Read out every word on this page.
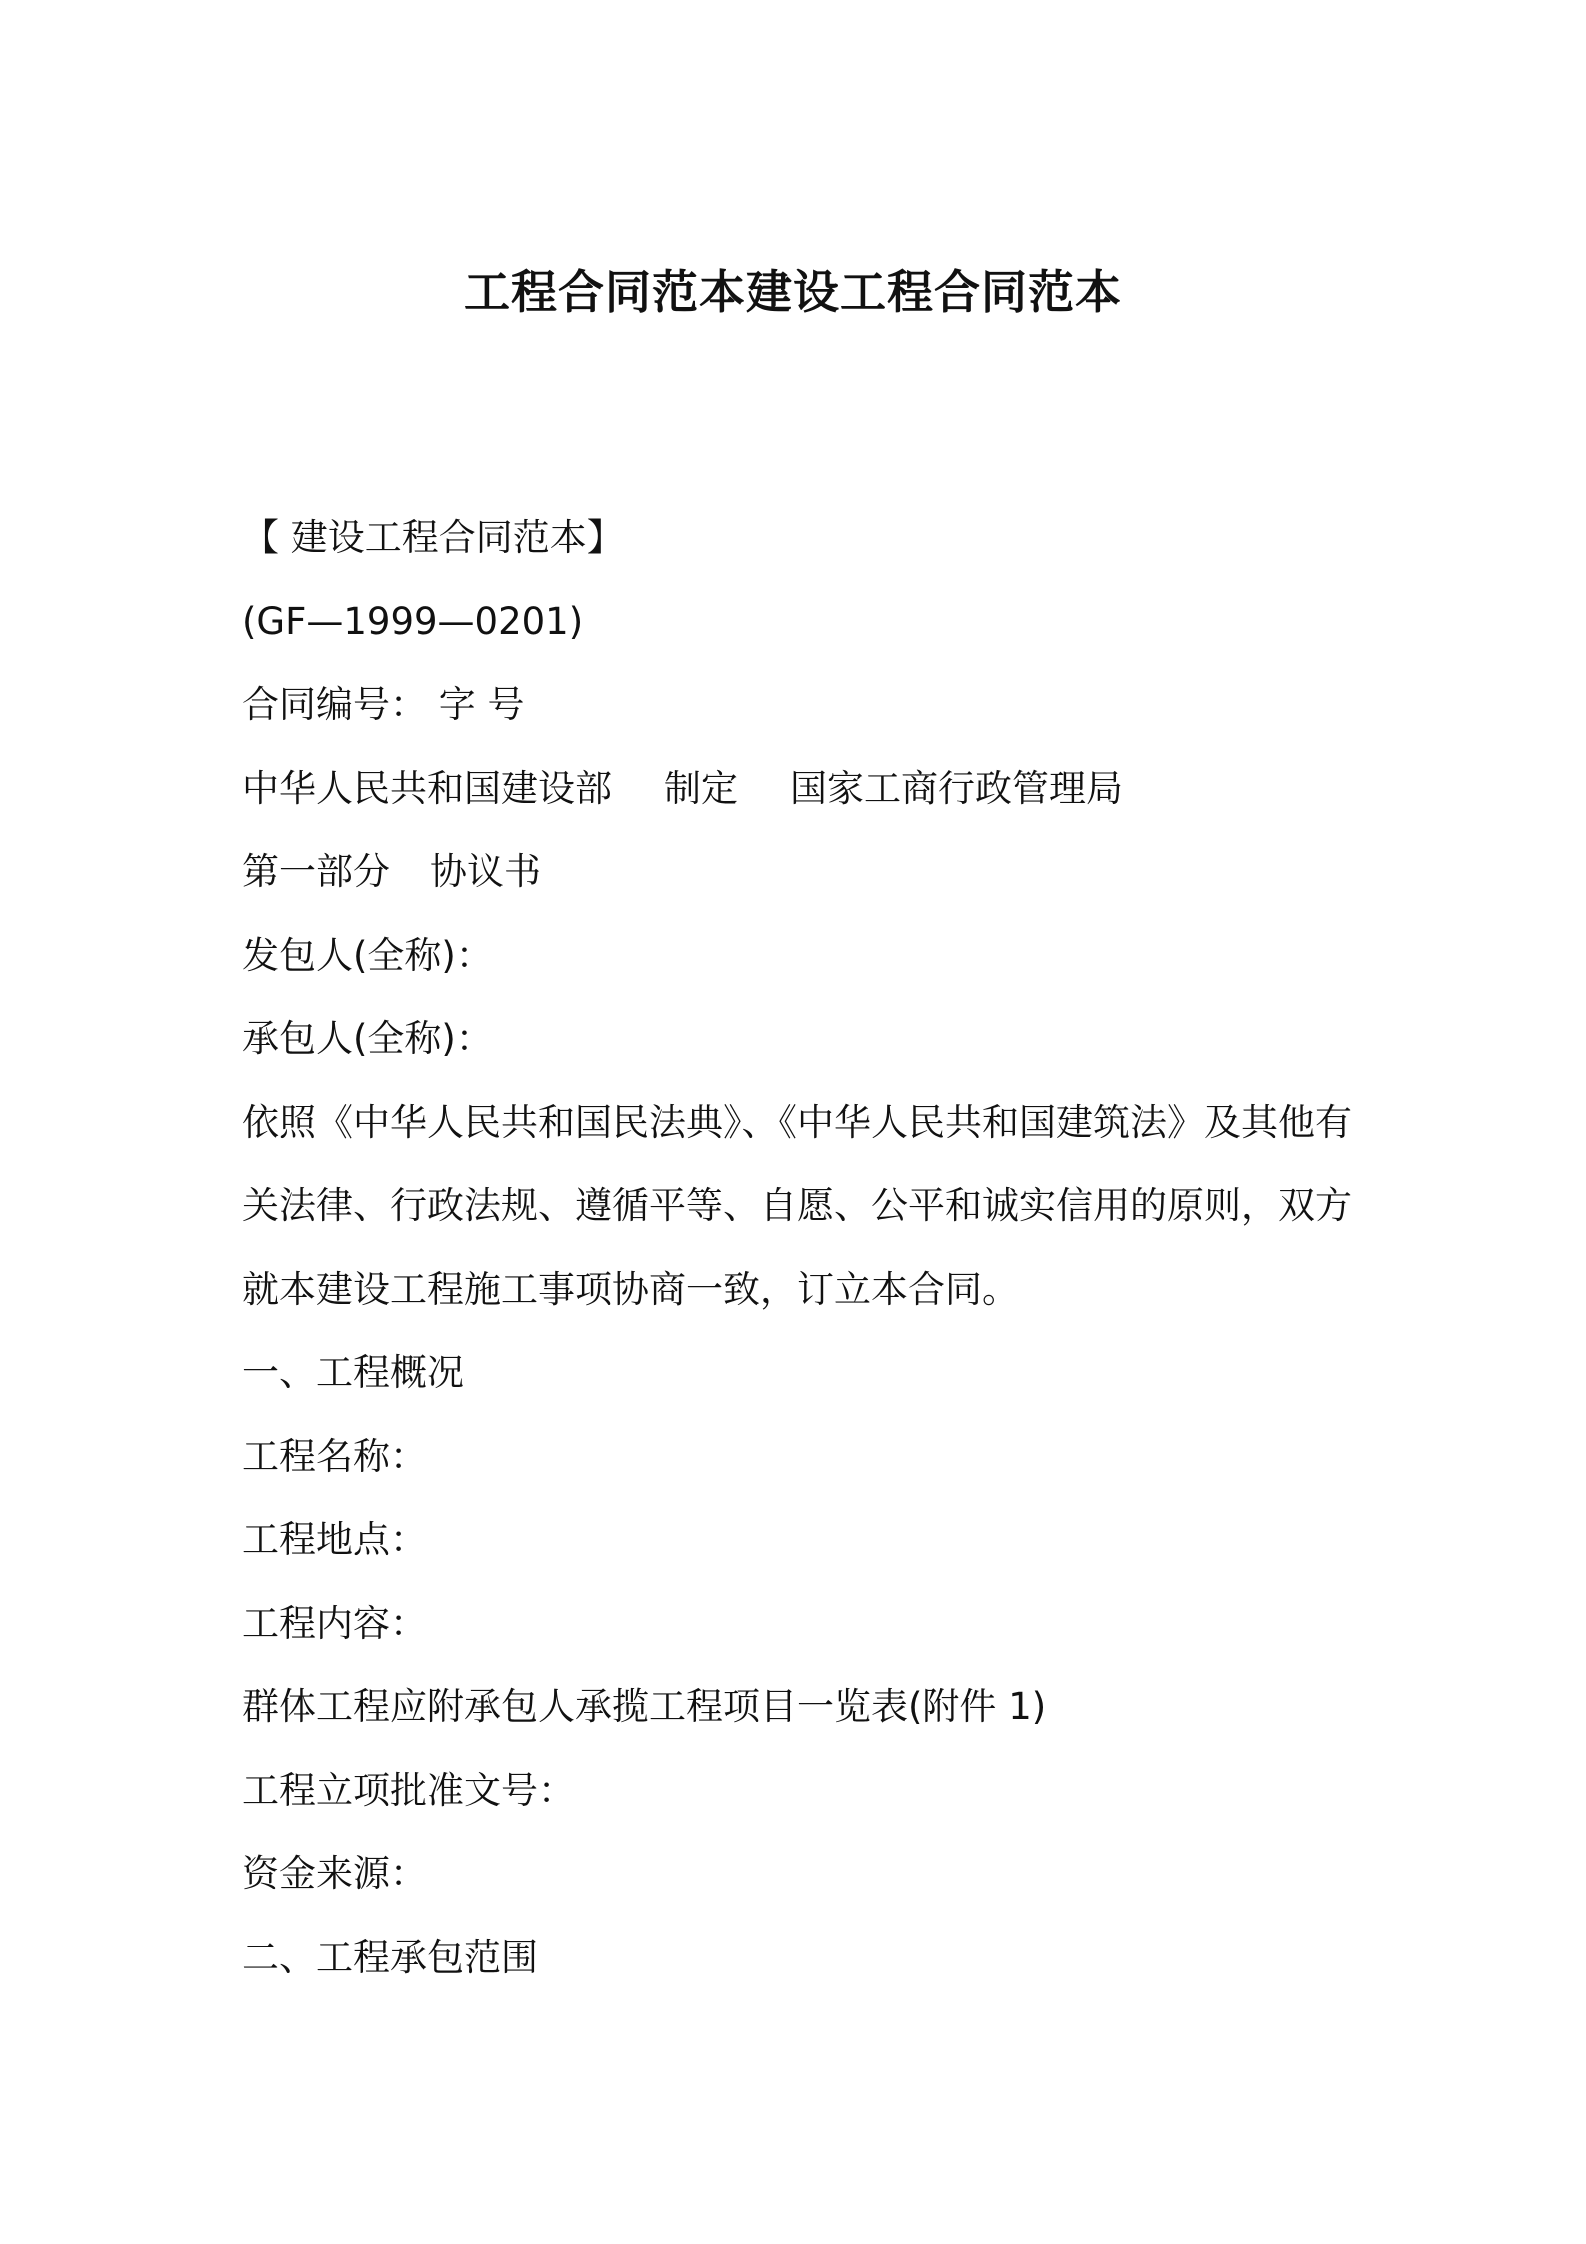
工程合同范本建设工程合同范本

【 建设工程合同范本】

(GF—1999—0201)

合同编号： 字 号

中华人民共和国建设部 制定 国家工商行政管理局

第一部分 协议书

发包人(全称)：

承包人(全称)：

依照《中华人民共和国民法典》、《中华人民共和国建筑法》及其他有关法律、行政法规、遵循平等、自愿、公平和诚实信用的原则，双方就本建设工程施工事项协商一致，订立本合同。

一、工程概况

工程名称：

工程地点：

工程内容：

群体工程应附承包人承揽工程项目一览表(附件 1)

工程立项批准文号：

资金来源：

二、工程承包范围
